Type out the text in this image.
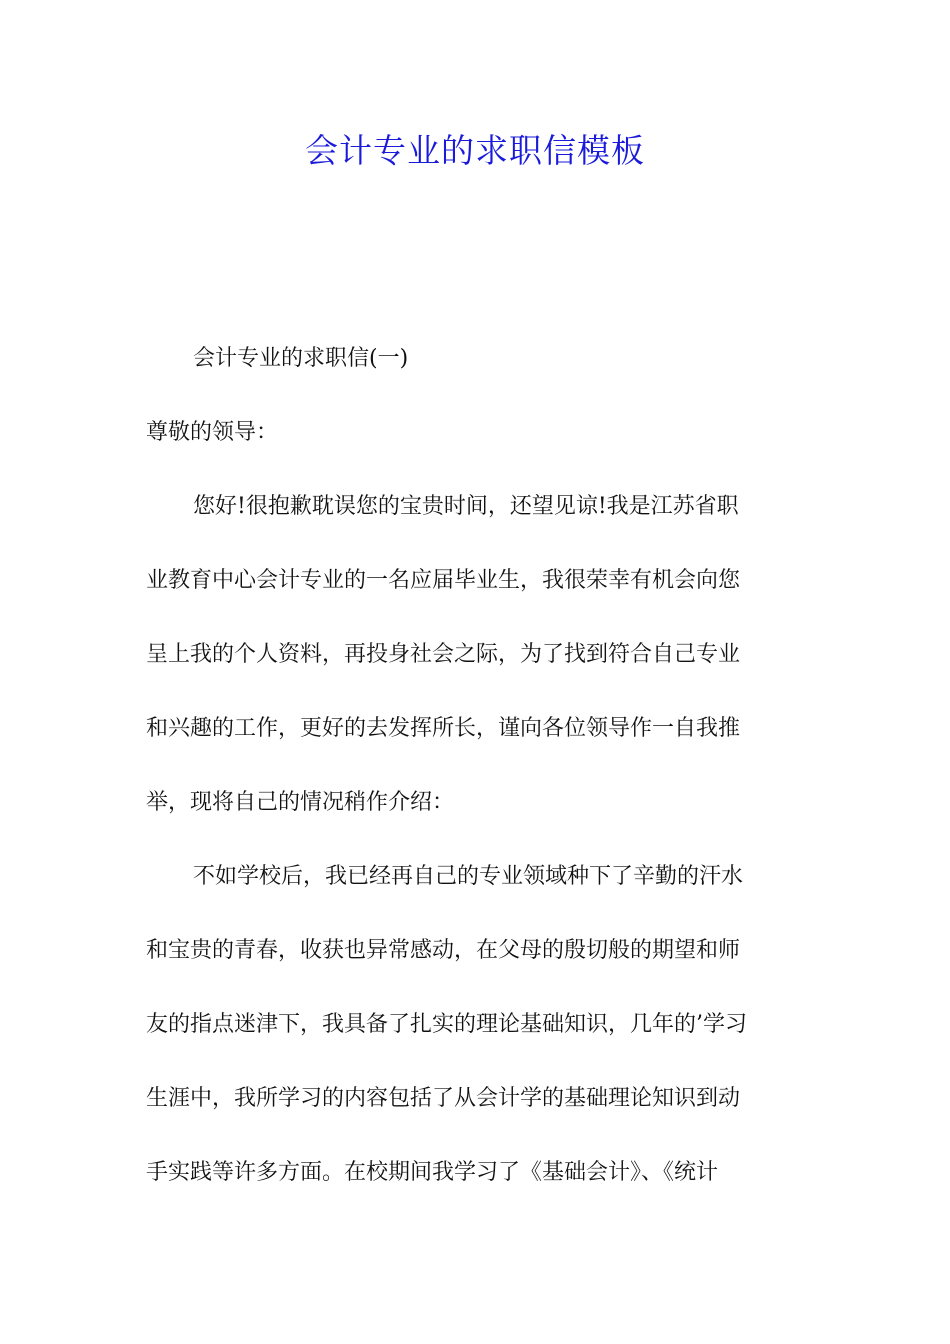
会计专业的求职信模板
会计专业的求职信(一)
尊敬的领导：
您好!很抱歉耽误您的宝贵时间，还望见谅!我是江苏省职
业教育中心会计专业的一名应届毕业生，我很荣幸有机会向您
呈上我的个人资料，再投身社会之际，为了找到符合自己专业
和兴趣的工作，更好的去发挥所长，谨向各位领导作一自我推
举，现将自己的情况稍作介绍：
不如学校后，我已经再自己的专业领域种下了辛勤的汗水
和宝贵的青春，收获也异常感动，在父母的殷切般的期望和师
友的指点迷津下，我具备了扎实的理论基础知识，几年的’学习
生涯中，我所学习的内容包括了从会计学的基础理论知识到动
手实践等许多方面。在校期间我学习了《基础会计》、《统计
